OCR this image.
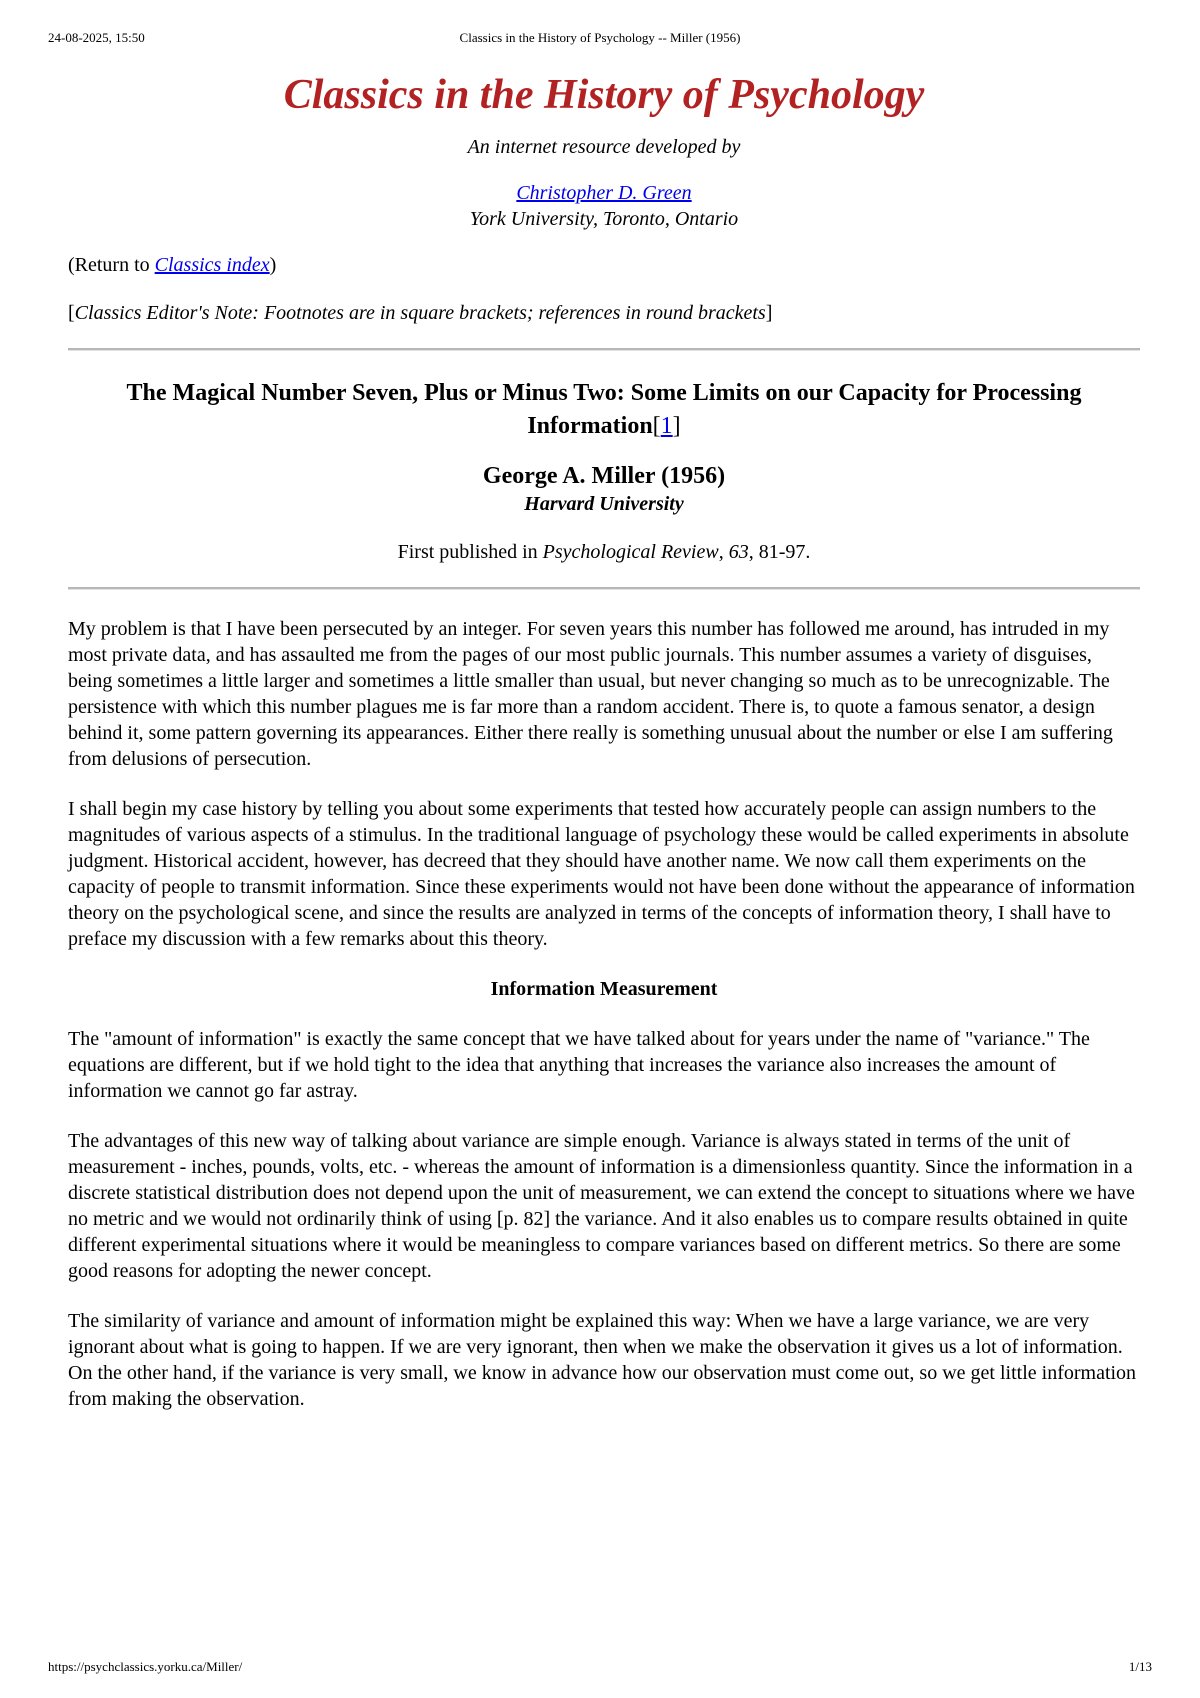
24-08-2025, 15:50	Classics in the History of Psychology -- Miller (1956)
Classics in the History of Psychology

An internet resource developed by

Christopher D. Green

York University, Toronto, Ontario

(Return to Classics index)

[Classics Editor's Note: Footnotes are in square brackets; references in round brackets]

The Magical Number Seven, Plus or Minus Two: Some Limits on our Capacity for Processing Information[1]

George A. Miller (1956)

Harvard University

First published in Psychological Review, 63, 81-97.

My problem is that I have been persecuted by an integer. For seven years this number has followed me around, has intruded in my most private data, and has assaulted me from the pages of our most public journals. This number assumes a variety of disguises, being sometimes a little larger and sometimes a little smaller than usual, but never changing so much as to be unrecognizable. The persistence with which this number plagues me is far more than a random accident. There is, to quote a famous senator, a design behind it, some pattern governing its appearances. Either there really is something unusual about the number or else I am suffering from delusions of persecution.

I shall begin my case history by telling you about some experiments that tested how accurately people can assign numbers to the magnitudes of various aspects of a stimulus. In the traditional language of psychology these would be called experiments in absolute judgment. Historical accident, however, has decreed that they should have another name. We now call them experiments on the capacity of people to transmit information. Since these experiments would not have been done without the appearance of information theory on the psychological scene, and since the results are analyzed in terms of the concepts of information theory, I shall have to preface my discussion with a few remarks about this theory.

Information Measurement

The "amount of information" is exactly the same concept that we have talked about for years under the name of "variance." The equations are different, but if we hold tight to the idea that anything that increases the variance also increases the amount of information we cannot go far astray.

The advantages of this new way of talking about variance are simple enough. Variance is always stated in terms of the unit of measurement - inches, pounds, volts, etc. - whereas the amount of information is a dimensionless quantity. Since the information in a discrete statistical distribution does not depend upon the unit of measurement, we can extend the concept to situations where we have no metric and we would not ordinarily think of using [p. 82] the variance. And it also enables us to compare results obtained in quite different experimental situations where it would be meaningless to compare variances based on different metrics. So there are some good reasons for adopting the newer concept.

The similarity of variance and amount of information might be explained this way: When we have a large variance, we are very ignorant about what is going to happen. If we are very ignorant, then when we make the observation it gives us a lot of information. On the other hand, if the variance is very small, we know in advance how our observation must come out, so we get little information from making the observation.

https://psychclassics.yorku.ca/Miller/	1/13
